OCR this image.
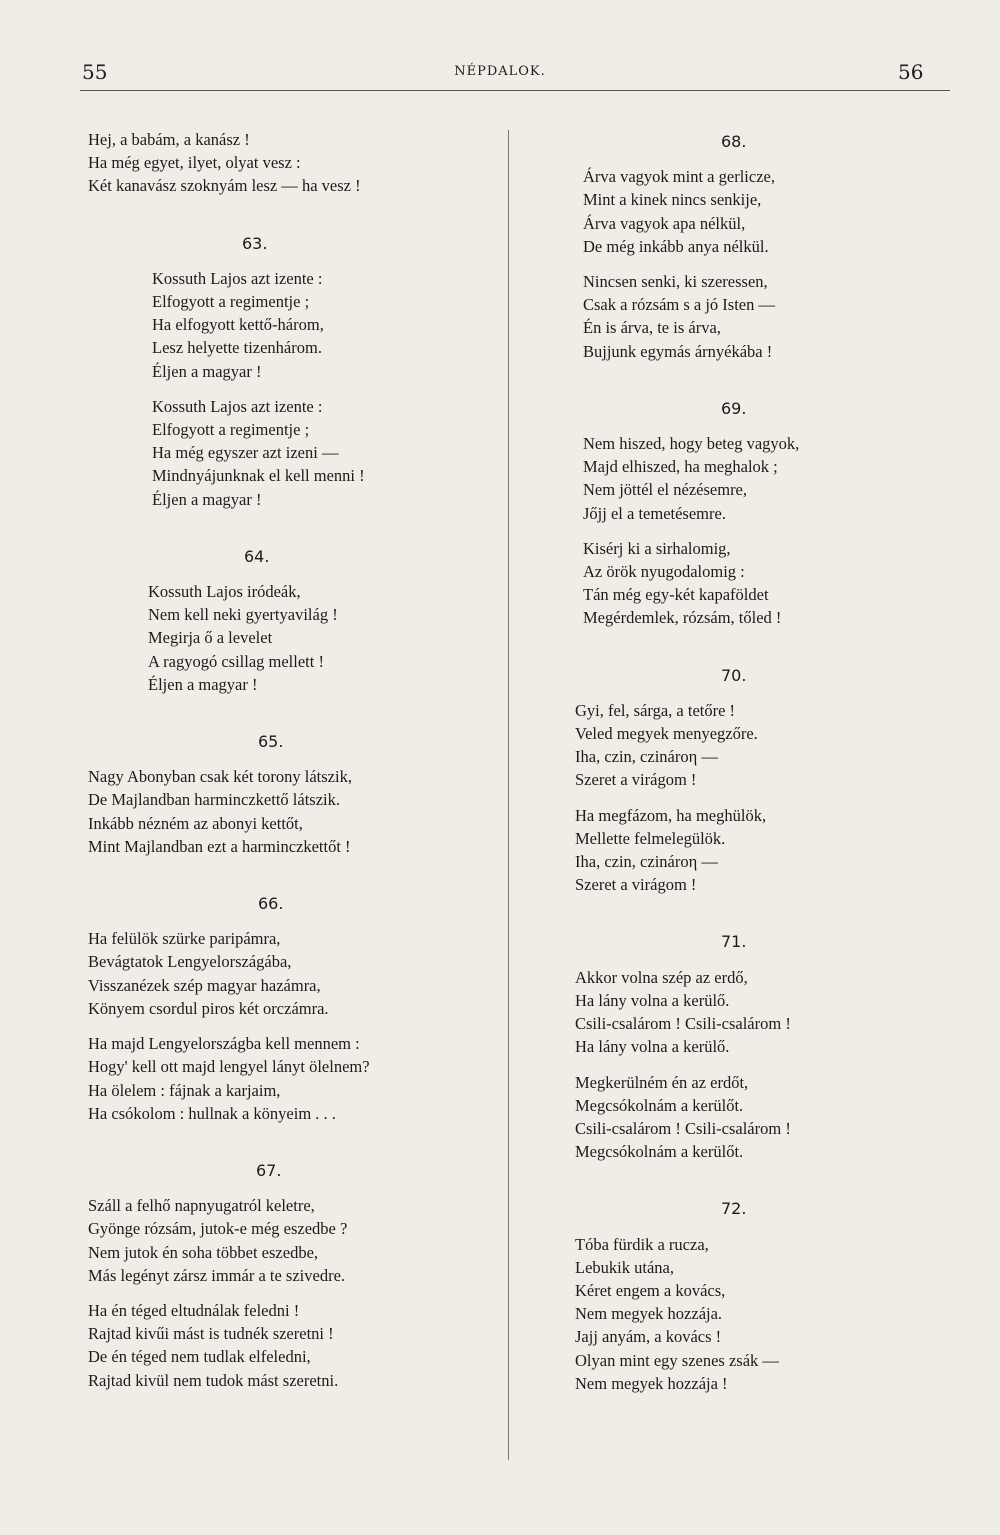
55	NÉPDALOK.	56
Hej, a babám, a kanász !
Ha még egyet, ilyet, olyat vesz :
Két kanavász szoknyám lesz — ha vesz !
63.
Kossuth Lajos azt izente :
Elfogyott a regimentje ;
Ha elfogyott kettő-három,
Lesz helyette tizenhárom.
Éljen a magyar !
Kossuth Lajos azt izente :
Elfogyott a regimentje ;
Ha még egyszer azt izeni —
Mindnyájunknak el kell menni !
Éljen a magyar !
64.
Kossuth Lajos iródeák,
Nem kell neki gyertyavilág !
Megirja ő a levelet
A ragyogó csillag mellett !
Éljen a magyar !
65.
Nagy Abonyban csak két torony látszik,
De Majlandban harminczkettő látszik.
Inkább nézném az abonyi kettőt,
Mint Majlandban ezt a harminczkettőt !
66.
Ha felülök szürke paripámra,
Bevágtatok Lengyelországába,
Visszanézek szép magyar hazámra,
Könyem csordul piros két orczámra.
Ha majd Lengyelországba kell mennem :
Hogy' kell ott majd lengyel lányt ölelnem?
Ha ölelem : fájnak a karjaim,
Ha csókolom : hullnak a könyeim . . .
67.
Száll a felhő napnyugatról keletre,
Gyönge rózsám, jutok-e még eszedbe ?
Nem jutok én soha többet eszedbe,
Más legényt zársz immár a te szivedre.
Ha én téged eltudnálak feledni !
Rajtad kivűi mást is tudnék szeretni !
De én téged nem tudlak elfeledni,
Rajtad kivül nem tudok mást szeretni.
68.
Árva vagyok mint a gerlicze,
Mint a kinek nincs senkije,
Árva vagyok apa nélkül,
De még inkább anya nélkül.
Nincsen senki, ki szeressen,
Csak a rózsám s a jó Isten —
Én is árva, te is árva,
Bujjunk egymás árnyékába !
69.
Nem hiszed, hogy beteg vagyok,
Majd elhiszed, ha meghalok ;
Nem jöttél el nézésemre,
Jőjj el a temetésemre.
Kisérj ki a sirhalomig,
Az örök nyugodalomig :
Tán még egy-két kapaföldet
Megérdemlek, rózsám, tőled !
70.
Gyi, fel, sárga, a tetőre !
Veled megyek menyegzőre.
Iha, czin, czinároη —
Szeret a virágom !
Ha megfázom, ha meghülök,
Mellette felmelegülök.
Iha, czin, czinároη —
Szeret a virágom !
71.
Akkor volna szép az erdő,
Ha lány volna a kerülő.
Csili-csalárom ! Csili-csalárom !
Ha lány volna a kerülő.
Megkerülném én az erdőt,
Megcsókolnám a kerülőt.
Csili-csalárom ! Csili-csalárom !
Megcsókolnám a kerülőt.
72.
Tóba fürdik a rucza,
Lebukik utána,
Kéret engem a kovács,
Nem megyek hozzája.
Jajj anyám, a kovács !
Olyan mint egy szenes zsák —
Nem megyek hozzája !
